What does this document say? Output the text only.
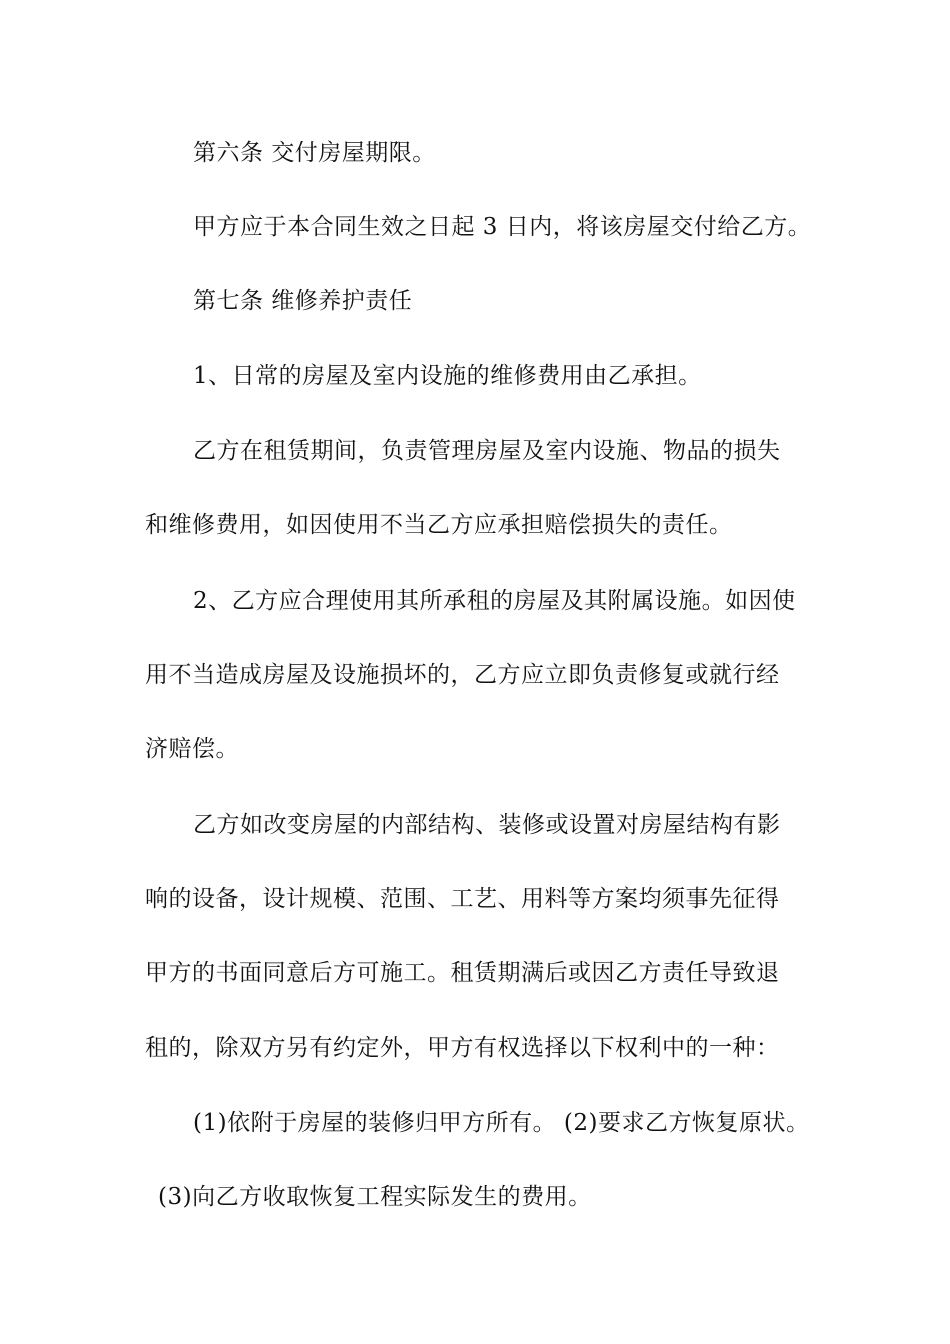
第六条 交付房屋期限。
甲方应于本合同生效之日起 3 日内，将该房屋交付给乙方。
第七条 维修养护责任
1、日常的房屋及室内设施的维修费用由乙承担。
乙方在租赁期间，负责管理房屋及室内设施、物品的损失
和维修费用，如因使用不当乙方应承担赔偿损失的责任。
2、乙方应合理使用其所承租的房屋及其附属设施。如因使
用不当造成房屋及设施损坏的，乙方应立即负责修复或就行经
济赔偿。
乙方如改变房屋的内部结构、装修或设置对房屋结构有影
响的设备，设计规模、范围、工艺、用料等方案均须事先征得
甲方的书面同意后方可施工。租赁期满后或因乙方责任导致退
租的，除双方另有约定外，甲方有权选择以下权利中的一种：
(1)依附于房屋的装修归甲方所有。 (2)要求乙方恢复原状。
(3)向乙方收取恢复工程实际发生的费用。
